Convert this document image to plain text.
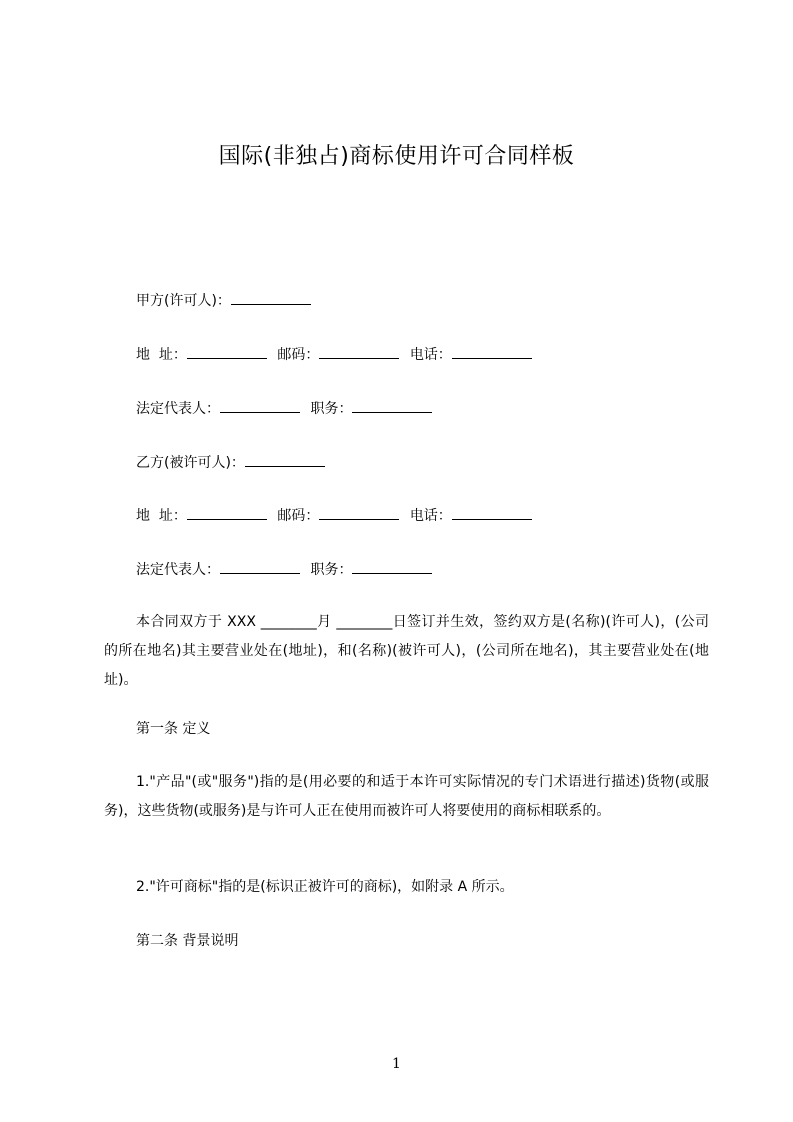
国际(非独占)商标使用许可合同样板
甲方(许可人)：
地  址：	邮码：	电话：
法定代表人：	职务：
乙方(被许可人)：
地  址：	邮码：	电话：
法定代表人：	职务：
本合同双方于 XXX ________月 ________日签订并生效，签约双方是(名称)(许可人)，(公司的所在地名)其主要营业处在(地址)，和(名称)(被许可人)，(公司所在地名)，其主要营业处在(地址)。
第一条 定义
1."产品"(或"服务")指的是(用必要的和适于本许可实际情况的专门术语进行描述)货物(或服务)，这些货物(或服务)是与许可人正在使用而被许可人将要使用的商标相联系的。
2."许可商标"指的是(标识正被许可的商标)，如附录 A 所示。
第二条 背景说明
1
